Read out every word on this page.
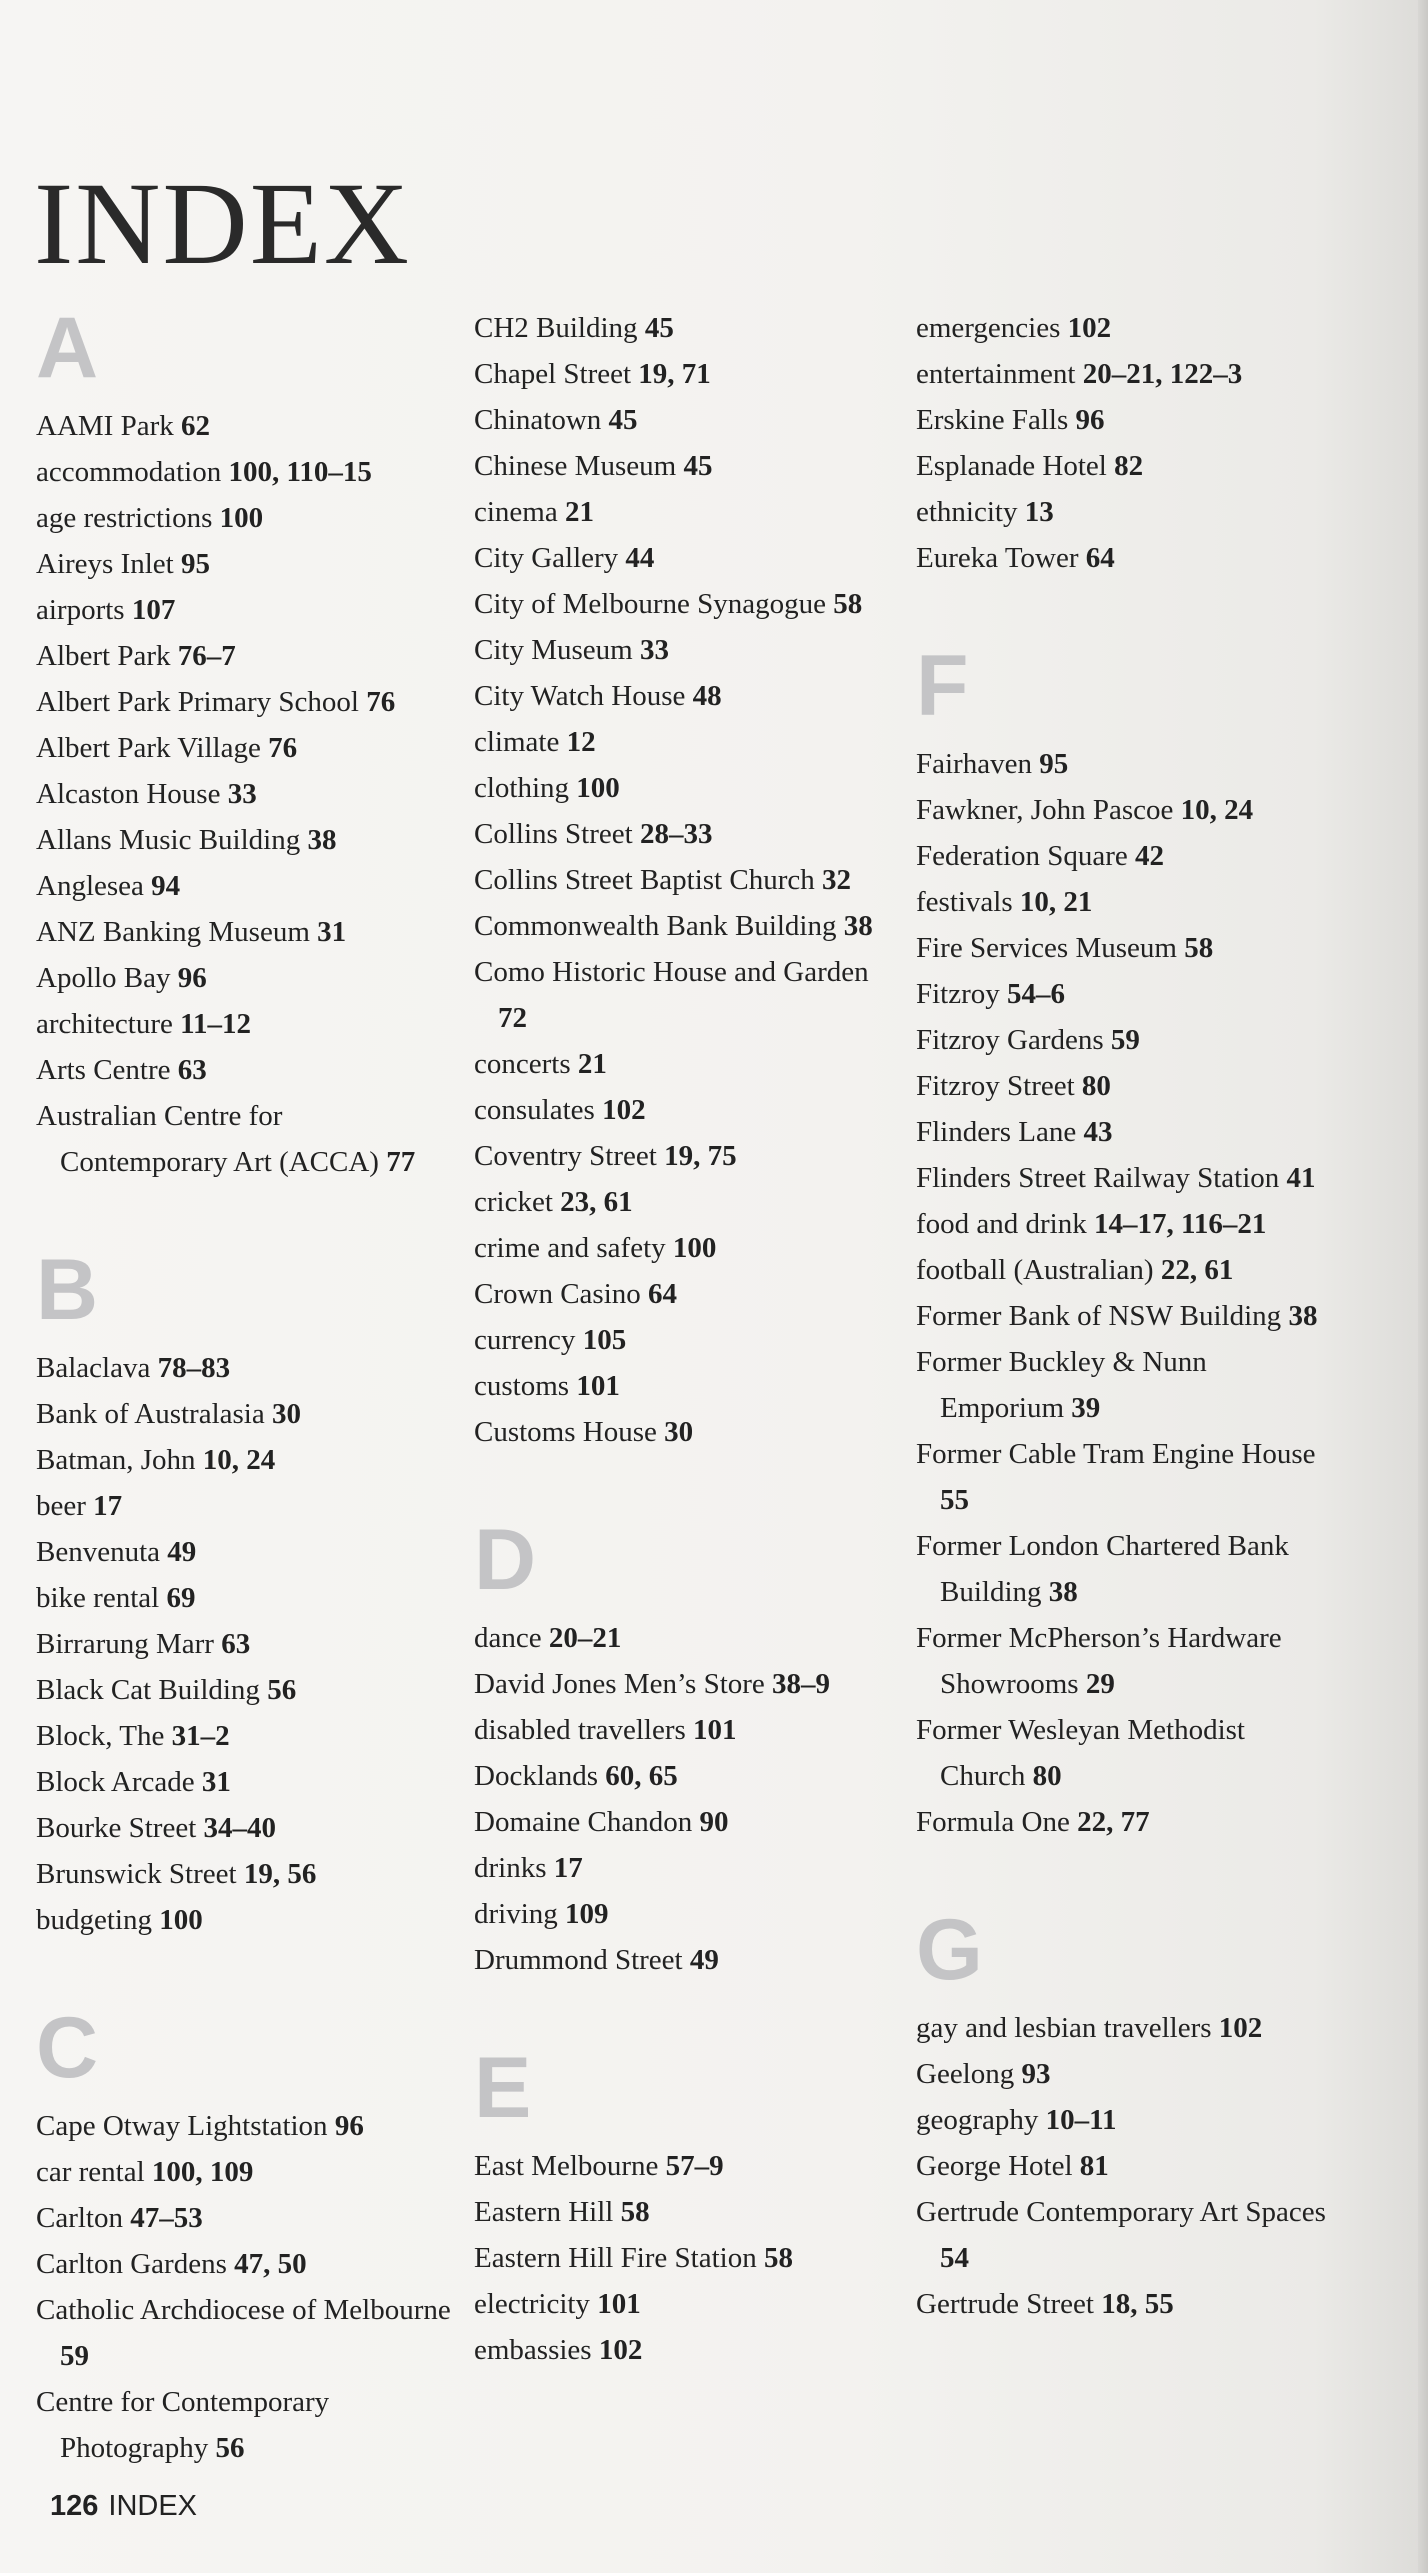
INDEX
A
AAMI Park 62
accommodation 100, 110–15
age restrictions 100
Aireys Inlet 95
airports 107
Albert Park 76–7
Albert Park Primary School 76
Albert Park Village 76
Alcaston House 33
Allans Music Building 38
Anglesea 94
ANZ Banking Museum 31
Apollo Bay 96
architecture 11–12
Arts Centre 63
Australian Centre for Contemporary Art (ACCA) 77
B
Balaclava 78–83
Bank of Australasia 30
Batman, John 10, 24
beer 17
Benvenuta 49
bike rental 69
Birrarung Marr 63
Black Cat Building 56
Block, The 31–2
Block Arcade 31
Bourke Street 34–40
Brunswick Street 19, 56
budgeting 100
C
Cape Otway Lightstation 96
car rental 100, 109
Carlton 47–53
Carlton Gardens 47, 50
Catholic Archdiocese of Melbourne 59
Centre for Contemporary Photography 56
CH2 Building 45
Chapel Street 19, 71
Chinatown 45
Chinese Museum 45
cinema 21
City Gallery 44
City of Melbourne Synagogue 58
City Museum 33
City Watch House 48
climate 12
clothing 100
Collins Street 28–33
Collins Street Baptist Church 32
Commonwealth Bank Building 38
Como Historic House and Garden 72
concerts 21
consulates 102
Coventry Street 19, 75
cricket 23, 61
crime and safety 100
Crown Casino 64
currency 105
customs 101
Customs House 30
D
dance 20–21
David Jones Men’s Store 38–9
disabled travellers 101
Docklands 60, 65
Domaine Chandon 90
drinks 17
driving 109
Drummond Street 49
E
East Melbourne 57–9
Eastern Hill 58
Eastern Hill Fire Station 58
electricity 101
embassies 102
emergencies 102
entertainment 20–21, 122–3
Erskine Falls 96
Esplanade Hotel 82
ethnicity 13
Eureka Tower 64
F
Fairhaven 95
Fawkner, John Pascoe 10, 24
Federation Square 42
festivals 10, 21
Fire Services Museum 58
Fitzroy 54–6
Fitzroy Gardens 59
Fitzroy Street 80
Flinders Lane 43
Flinders Street Railway Station 41
food and drink 14–17, 116–21
football (Australian) 22, 61
Former Bank of NSW Building 38
Former Buckley & Nunn Emporium 39
Former Cable Tram Engine House 55
Former London Chartered Bank Building 38
Former McPherson’s Hardware Showrooms 29
Former Wesleyan Methodist Church 80
Formula One 22, 77
G
gay and lesbian travellers 102
Geelong 93
geography 10–11
George Hotel 81
Gertrude Contemporary Art Spaces 54
Gertrude Street 18, 55
126 INDEX
